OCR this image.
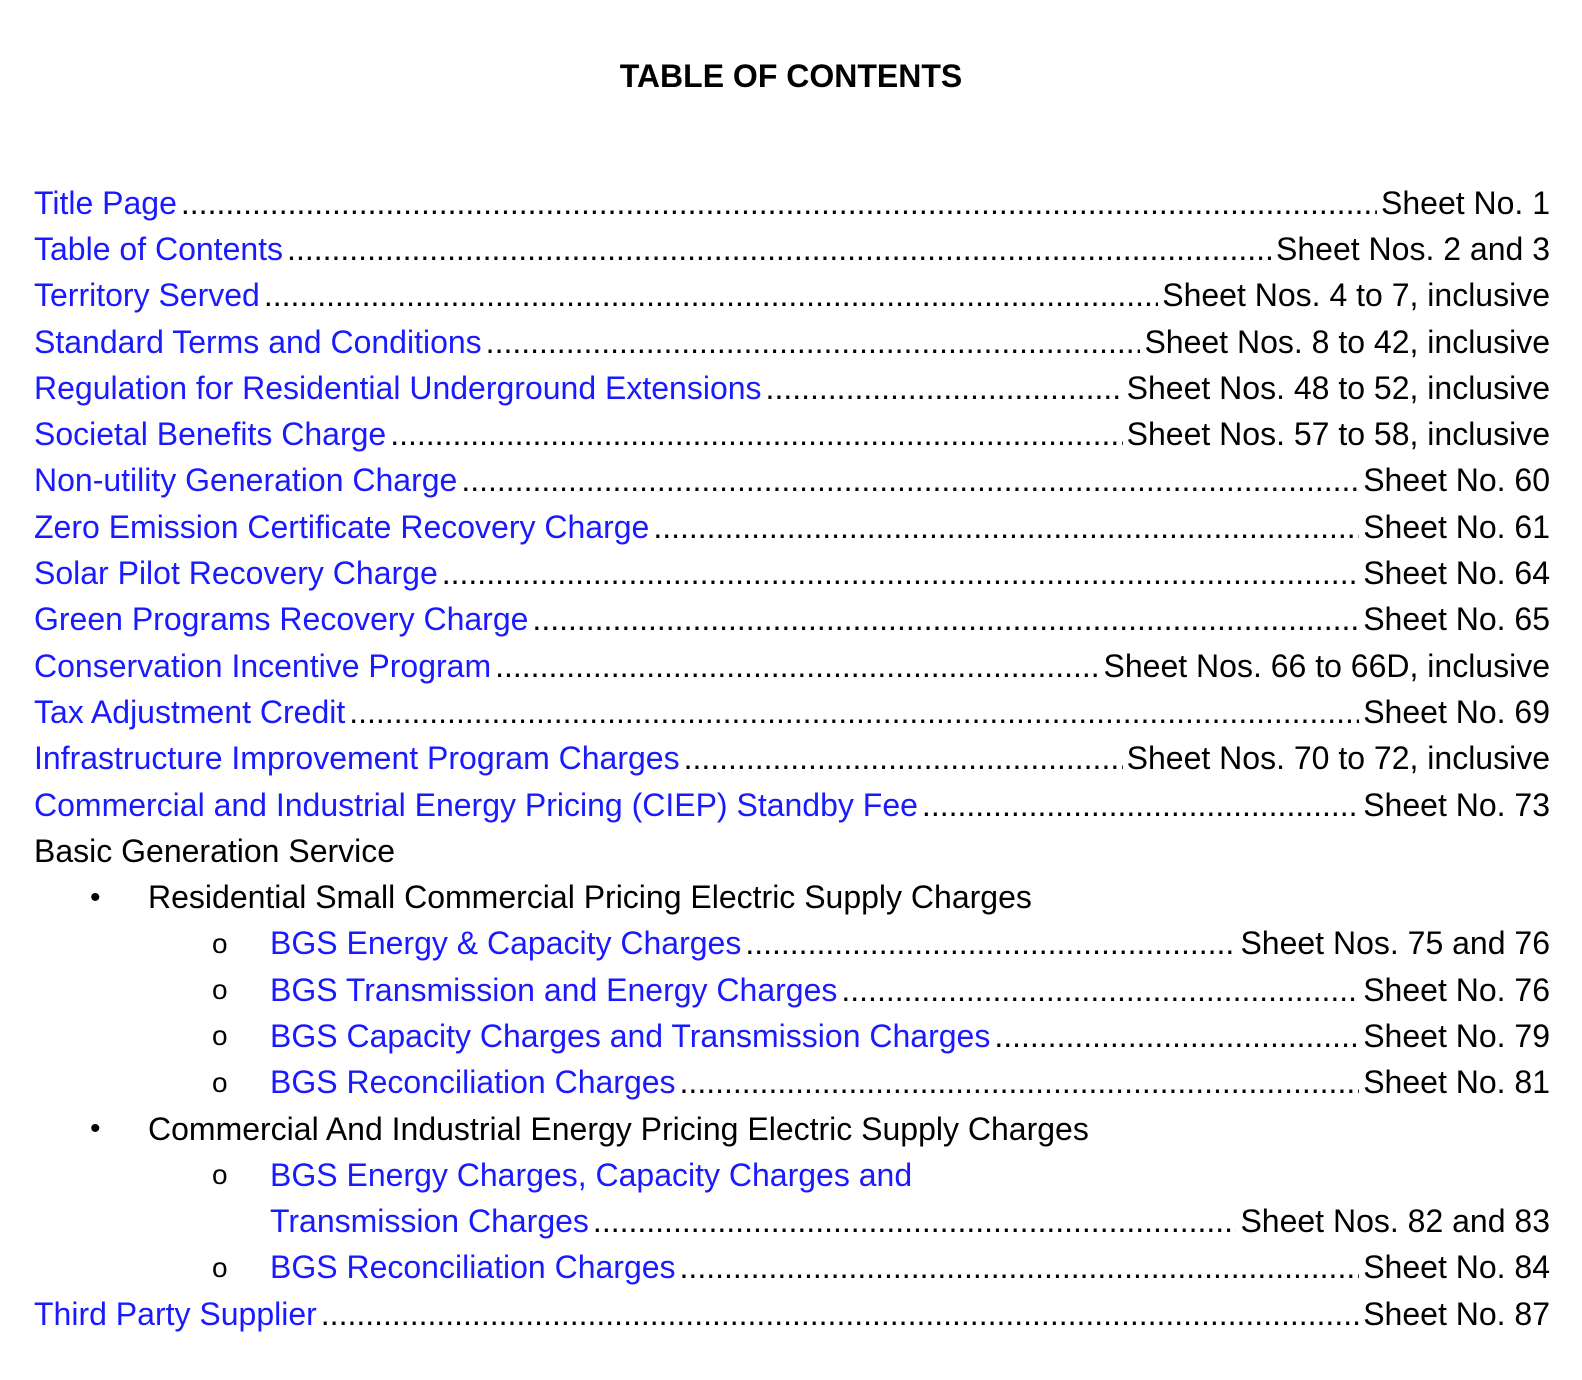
TABLE OF CONTENTS
Title Page .....	Sheet No. 1
Table of Contents .....	Sheet Nos. 2 and 3
Territory Served .....	Sheet Nos. 4 to 7, inclusive
Standard Terms and Conditions .....	Sheet Nos. 8 to 42, inclusive
Regulation for Residential Underground Extensions .....	Sheet Nos. 48 to 52, inclusive
Societal Benefits Charge .....	Sheet Nos. 57 to 58, inclusive
Non-utility Generation Charge .....	Sheet No. 60
Zero Emission Certificate Recovery Charge .....	Sheet No. 61
Solar Pilot Recovery Charge .....	Sheet No. 64
Green Programs Recovery Charge .....	Sheet No. 65
Conservation Incentive Program .....	Sheet Nos. 66 to 66D, inclusive
Tax Adjustment Credit .....	Sheet No. 69
Infrastructure Improvement Program Charges .....	Sheet Nos. 70 to 72, inclusive
Commercial and Industrial Energy Pricing (CIEP) Standby Fee .....	Sheet No. 73
Basic Generation Service
•	Residential Small Commercial Pricing Electric Supply Charges
o	BGS Energy & Capacity Charges .....	Sheet Nos. 75 and 76
o	BGS Transmission and Energy Charges .....	Sheet No. 76
o	BGS Capacity Charges and Transmission Charges .....	Sheet No. 79
o	BGS Reconciliation Charges .....	Sheet No. 81
•	Commercial And Industrial Energy Pricing Electric Supply Charges
o	BGS Energy Charges, Capacity Charges and
Transmission Charges .....	Sheet Nos. 82 and 83
o	BGS Reconciliation Charges .....	Sheet No. 84
Third Party Supplier .....	Sheet No. 87
